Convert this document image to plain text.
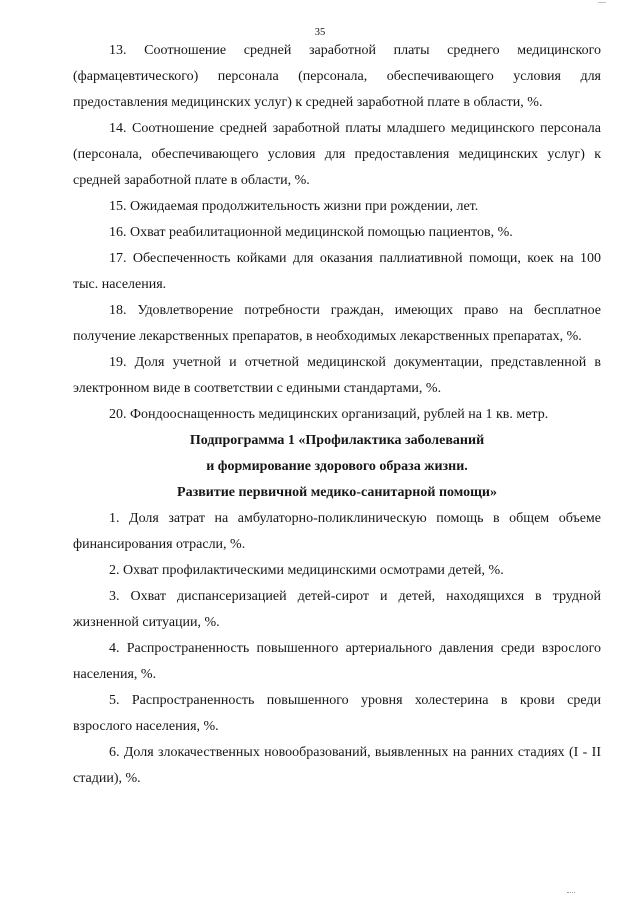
35

13. Соотношение средней заработной платы среднего медицинского (фармацевтического) персонала (персонала, обеспечивающего условия для предоставления медицинских услуг) к средней заработной плате в области, %.

14. Соотношение средней заработной платы младшего медицинского персонала (персонала, обеспечивающего условия для предоставления медицинских услуг) к средней заработной плате в области, %.

15. Ожидаемая продолжительность жизни при рождении, лет.

16. Охват реабилитационной медицинской помощью пациентов, %.

17. Обеспеченность койками для оказания паллиативной помощи, коек на 100 тыс. населения.

18. Удовлетворение потребности граждан, имеющих право на бесплатное получение лекарственных препаратов, в необходимых лекарственных препаратах, %.

19. Доля учетной и отчетной медицинской документации, представленной в электронном виде в соответствии с едиными стандартами, %.

20. Фондооснащенность медицинских организаций, рублей на 1 кв. метр.

Подпрограмма 1 «Профилактика заболеваний
и формирование здорового образа жизни.
Развитие первичной медико-санитарной помощи»

1. Доля затрат на амбулаторно-поликлиническую помощь в общем объеме финансирования отрасли, %.

2. Охват профилактическими медицинскими осмотрами детей, %.

3. Охват диспансеризацией детей-сирот и детей, находящихся в трудной жизненной ситуации, %.

4. Распространенность повышенного артериального давления среди взрослого населения, %.

5. Распространенность повышенного уровня холестерина в крови среди взрослого населения, %.

6. Доля злокачественных новообразований, выявленных на ранних стадиях (I - II стадии), %.
